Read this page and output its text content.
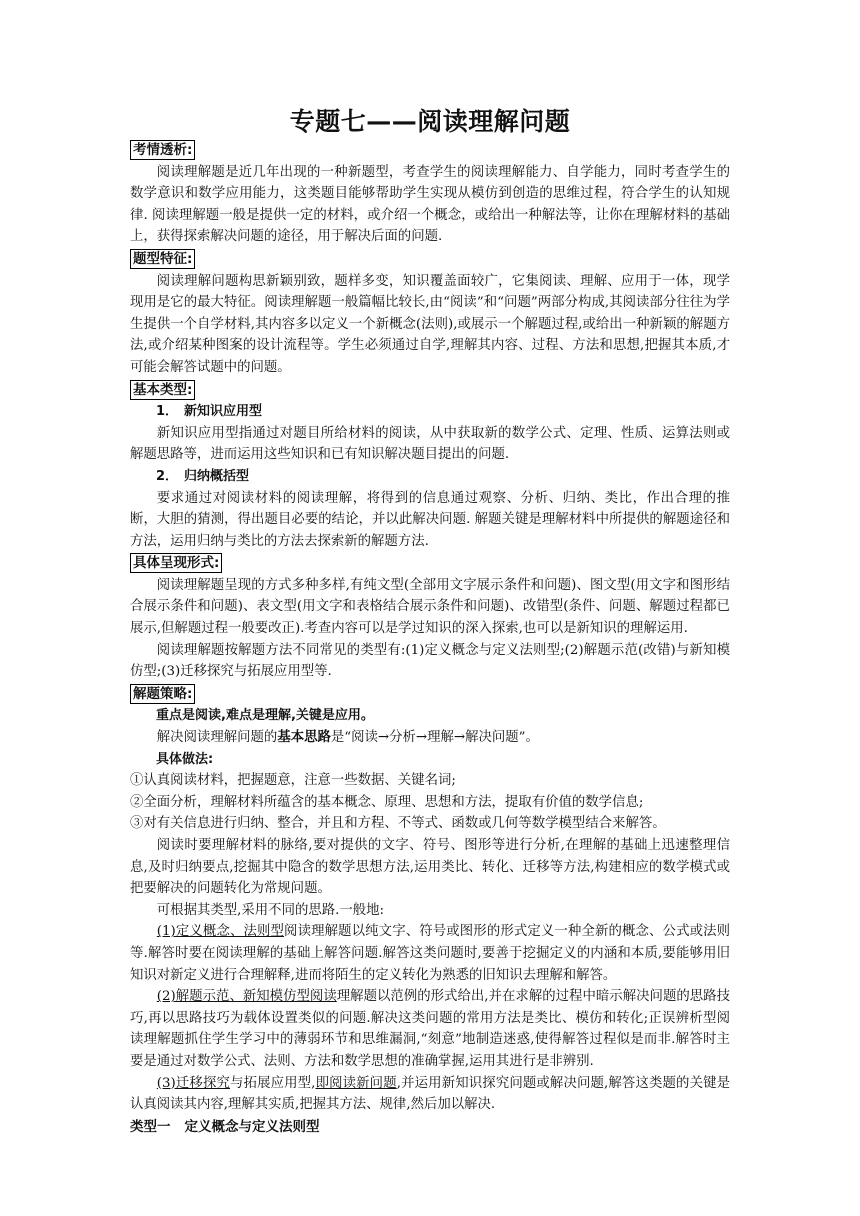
专题七——阅读理解问题
考情透析:

阅读理解题是近几年出现的一种新题型，考查学生的阅读理解能力、自学能力，同时考查学生的数学意识和数学应用能力，这类题目能够帮助学生实现从模仿到创造的思维过程，符合学生的认知规律. 阅读理解题一般是提供一定的材料，或介绍一个概念，或给出一种解法等，让你在理解材料的基础上，获得探索解决问题的途径，用于解决后面的问题.

题型特征:

阅读理解问题构思新颖别致，题样多变，知识覆盖面较广，它集阅读、理解、应用于一体，现学现用是它的最大特征。阅读理解题一般篇幅比较长,由“阅读”和“问题”两部分构成,其阅读部分往往为学生提供一个自学材料,其内容多以定义一个新概念(法则),或展示一个解题过程,或给出一种新颖的解题方法,或介绍某种图案的设计流程等。学生必须通过自学,理解其内容、过程、方法和思想,把握其本质,才可能会解答试题中的问题。

基本类型:

1． 新知识应用型

新知识应用型指通过对题目所给材料的阅读，从中获取新的数学公式、定理、性质、运算法则或解题思路等，进而运用这些知识和已有知识解决题目提出的问题.

2． 归纳概括型

要求通过对阅读材料的阅读理解，将得到的信息通过观察、分析、归纳、类比，作出合理的推断，大胆的猜测，得出题目必要的结论，并以此解决问题. 解题关键是理解材料中所提供的解题途径和方法，运用归纳与类比的方法去探索新的解题方法.

具体呈现形式:

阅读理解题呈现的方式多种多样,有纯文型(全部用文字展示条件和问题)、图文型(用文字和图形结合展示条件和问题)、表文型(用文字和表格结合展示条件和问题)、改错型(条件、问题、解题过程都已展示,但解题过程一般要改正).考查内容可以是学过知识的深入探索,也可以是新知识的理解运用.

阅读理解题按解题方法不同常见的类型有:(1)定义概念与定义法则型;(2)解题示范(改错)与新知模仿型;(3)迁移探究与拓展应用型等.

解题策略:

重点是阅读,难点是理解,关键是应用。

解决阅读理解问题的基本思路是“阅读→分析→理解→解决问题”。

具体做法:

①认真阅读材料，把握题意，注意一些数据、关键名词;

②全面分析，理解材料所蕴含的基本概念、原理、思想和方法，提取有价值的数学信息;

③对有关信息进行归纳、整合，并且和方程、不等式、函数或几何等数学模型结合来解答。

阅读时要理解材料的脉络,要对提供的文字、符号、图形等进行分析,在理解的基础上迅速整理信息,及时归纳要点,挖掘其中隐含的数学思想方法,运用类比、转化、迁移等方法,构建相应的数学模式或把要解决的问题转化为常规问题。

可根据其类型,采用不同的思路.一般地:

(1)定义概念、法则型阅读理解题以纯文字、符号或图形的形式定义一种全新的概念、公式或法则等.解答时要在阅读理解的基础上解答问题.解答这类问题时,要善于挖掘定义的内涵和本质,要能够用旧知识对新定义进行合理解释,进而将陌生的定义转化为熟悉的旧知识去理解和解答。

(2)解题示范、新知模仿型阅读理解题以范例的形式给出,并在求解的过程中暗示解决问题的思路技巧,再以思路技巧为载体设置类似的问题.解决这类问题的常用方法是类比、模仿和转化;正误辨析型阅读理解题抓住学生学习中的薄弱环节和思维漏洞,“刻意”地制造迷惑,使得解答过程似是而非.解答时主要是通过对数学公式、法则、方法和数学思想的准确掌握,运用其进行是非辨别.

(3)迁移探究与拓展应用型,即阅读新问题,并运用新知识探究问题或解决问题,解答这类题的关键是认真阅读其内容,理解其实质,把握其方法、规律,然后加以解决.

类型一 定义概念与定义法则型
